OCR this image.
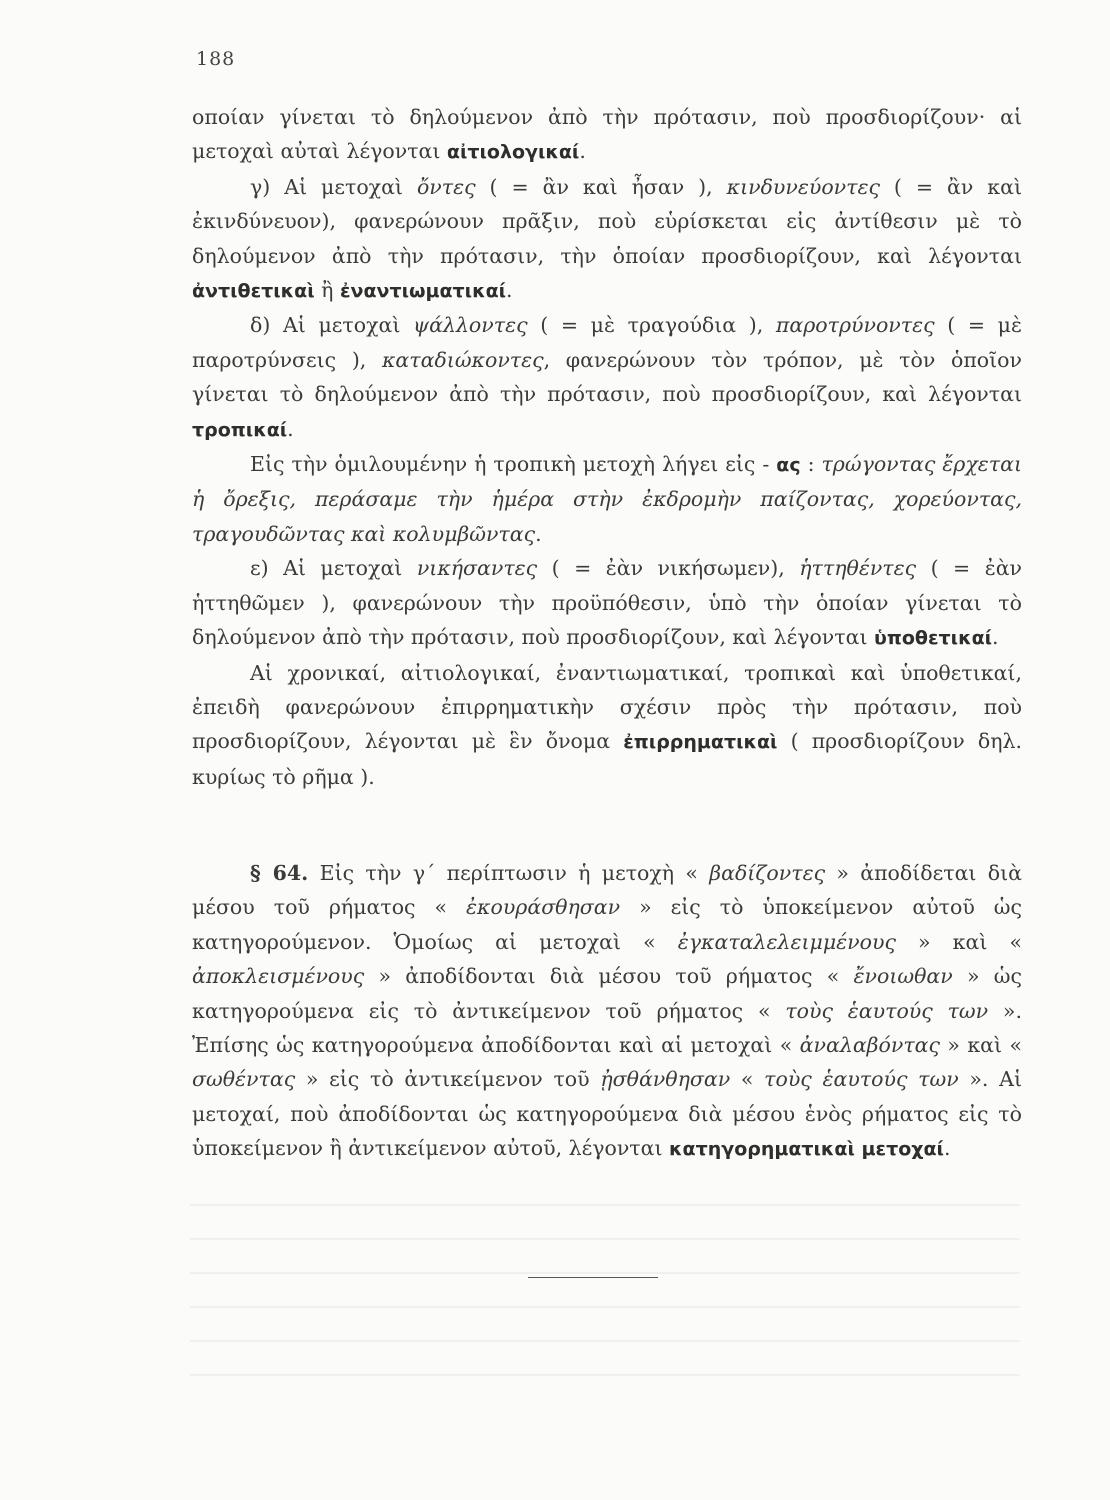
188

οποίαν γίνεται τὸ δηλούμενον ἀπὸ τὴν πρότασιν, ποὺ προσδιορίζουν· αἱ μετοχαὶ αὐταὶ λέγονται αἰτιολογικαί.

γ) Αἱ μετοχαὶ ὄντες ( = ἂν καὶ ἦσαν ), κινδυνεύοντες ( = ἂν καὶ ἐκινδύνευον), φανερώνουν πρᾶξιν, ποὺ εὑρίσκεται εἰς ἀντίθεσιν μὲ τὸ δηλούμενον ἀπὸ τὴν πρότασιν, τὴν ὁποίαν προσδιορίζουν, καὶ λέγονται ἀντιθετικαὶ ἢ ἐναντιωματικαί.

δ) Αἱ μετοχαὶ ψάλλοντες ( = μὲ τραγούδια ), παροτρύνοντες ( = μὲ παροτρύνσεις ), καταδιώκοντες, φανερώνουν τὸν τρόπον, μὲ τὸν ὁποῖον γίνεται τὸ δηλούμενον ἀπὸ τὴν πρότασιν, ποὺ προσδιορίζουν, καὶ λέγονται τροπικαί.

Εἰς τὴν ὁμιλουμένην ἡ τροπικὴ μετοχὴ λήγει εἰς - ας : τρώγοντας ἔρχεται ἡ ὄρεξις, περάσαμε τὴν ἡμέρα στὴν ἐκδρομὴν παίζοντας, χορεύοντας, τραγουδῶντας καὶ κολυμβῶντας.

ε) Αἱ μετοχαὶ νικήσαντες ( = ἐὰν νικήσωμεν), ἡττηθέντες ( = ἐὰν ἡττηθῶμεν ), φανερώνουν τὴν προϋπόθεσιν, ὑπὸ τὴν ὁποίαν γίνεται τὸ δηλούμενον ἀπὸ τὴν πρότασιν, ποὺ προσδιορίζουν, καὶ λέγονται ὑποθετικαί.

Αἱ χρονικαί, αἰτιολογικαί, ἐναντιωματικαί, τροπικαὶ καὶ ὑποθετικαί, ἐπειδὴ φανερώνουν ἐπιρρηματικὴν σχέσιν πρὸς τὴν πρότασιν, ποὺ προσδιορίζουν, λέγονται μὲ ἓν ὄνομα ἐπιρρηματικαὶ ( προσδιορίζουν δηλ. κυρίως τὸ ρῆμα ).

§ 64. Εἰς τὴν γ΄ περίπτωσιν ἡ μετοχὴ « βαδίζοντες » ἀποδίδεται διὰ μέσου τοῦ ρήματος « ἐκουράσθησαν » εἰς τὸ ὑποκείμενον αὐτοῦ ὡς κατηγορούμενον. Ὁμοίως αἱ μετοχαὶ « ἐγκαταλελειμμένους » καὶ « ἀποκλεισμένους » ἀποδίδονται διὰ μέσου τοῦ ρήματος « ἔνοιωθαν » ὡς κατηγορούμενα εἰς τὸ ἀντικείμενον τοῦ ρήματος « τοὺς ἑαυτούς των ». Ἐπίσης ὡς κατηγορούμενα ἀποδίδονται καὶ αἱ μετοχαὶ « ἀναλαβόντας » καὶ « σωθέντας » εἰς τὸ ἀντικείμενον τοῦ ᾐσθάνθησαν « τοὺς ἑαυτούς των ». Αἱ μετοχαί, ποὺ ἀποδίδονται ὡς κατηγορούμενα διὰ μέσου ἑνὸς ρήματος εἰς τὸ ὑποκείμενον ἢ ἀντικείμενον αὐτοῦ, λέγονται κατηγορηματικαὶ μετοχαί.
